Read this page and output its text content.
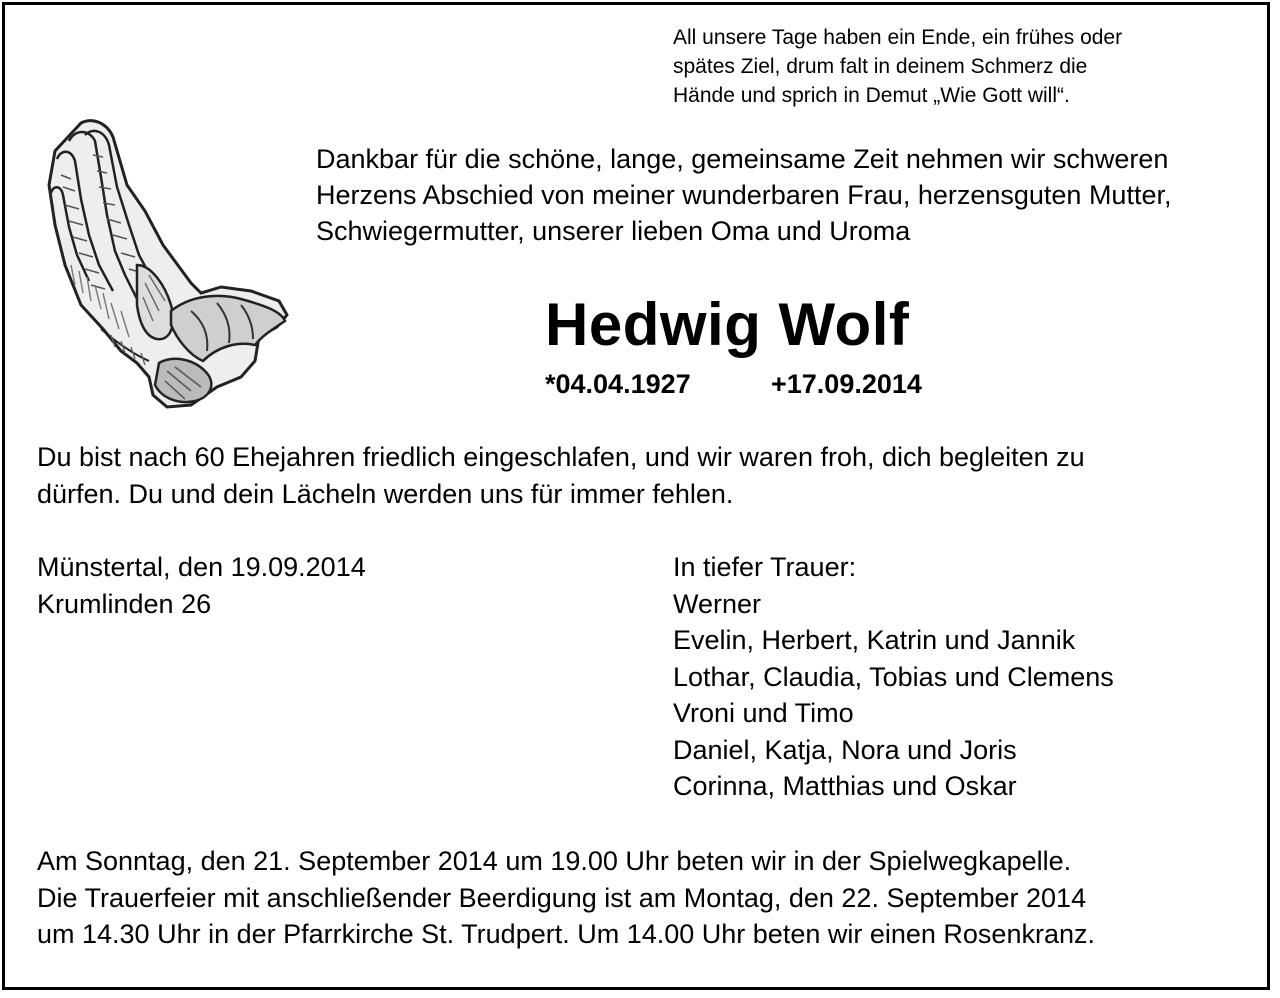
All unsere Tage haben ein Ende, ein frühes oder
spätes Ziel, drum falt in deinem Schmerz die
Hände und sprich in Demut „Wie Gott will“.
Dankbar für die schöne, lange, gemeinsame Zeit nehmen wir schweren
Herzens Abschied von meiner wunderbaren Frau, herzensguten Mutter,
Schwiegermutter, unserer lieben Oma und Uroma
Hedwig Wolf
*04.04.1927	+17.09.2014
Du bist nach 60 Ehejahren friedlich eingeschlafen, und wir waren froh, dich begleiten zu
dürfen. Du und dein Lächeln werden uns für immer fehlen.
Münstertal, den 19.09.2014
Krumlinden 26
In tiefer Trauer:
Werner
Evelin, Herbert, Katrin und Jannik
Lothar, Claudia, Tobias und Clemens
Vroni und Timo
Daniel, Katja, Nora und Joris
Corinna, Matthias und Oskar
Am Sonntag, den 21. September 2014 um 19.00 Uhr beten wir in der Spielwegkapelle.
Die Trauerfeier mit anschließender Beerdigung ist am Montag, den 22. September 2014
um 14.30 Uhr in der Pfarrkirche St. Trudpert. Um 14.00 Uhr beten wir einen Rosenkranz.
